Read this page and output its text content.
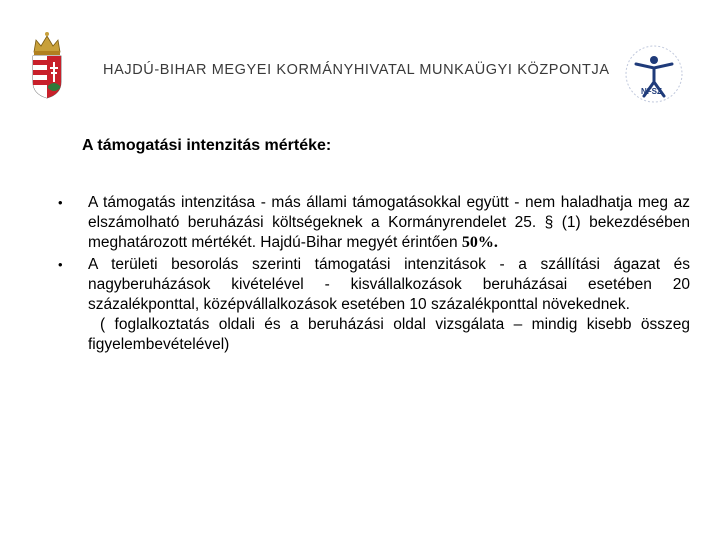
HAJDÚ-BIHAR MEGYEI KORMÁNYHIVATAL MUNKAÜGYI KÖZPONTJA
NFSZ
A támogatási intenzitás mértéke:
•	A támogatás intenzitása - más állami támogatásokkal együtt - nem haladhatja meg az elszámolható beruházási költségeknek a Kormányrendelet 25. § (1) bekezdésében meghatározott mértékét. Hajdú-Bihar megyét érintően 50%.
•	A területi besorolás szerinti támogatási intenzitások - a szállítási ágazat és nagyberuházások kivételével - kisvállalkozások beruházásai esetében 20 százalékponttal, középvállalkozások esetében 10 százalékponttal növekednek.
( foglalkoztatás oldali és a beruházási oldal vizsgálata – mindig kisebb összeg figyelembevételével)
